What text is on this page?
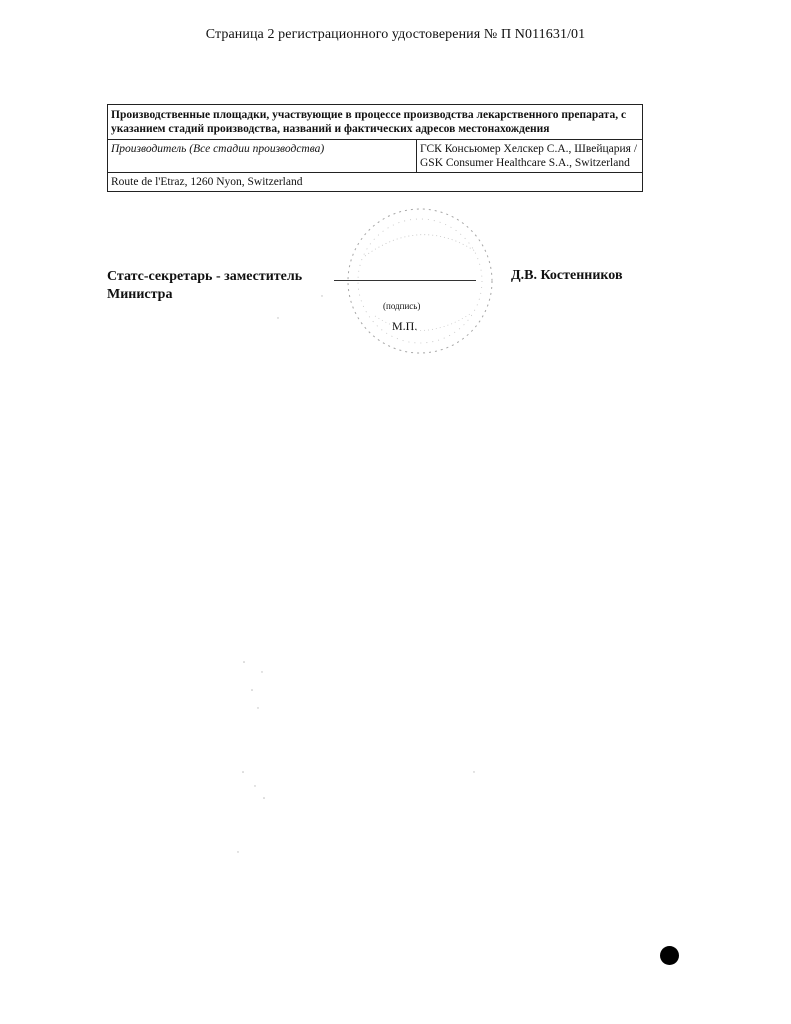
Страница 2 регистрационного удостоверения № П N011631/01
Производственные площадки, участвующие в процессе производства лекарственного препарата, с указанием стадий производства, названий и фактических адресов местонахождения
Производитель (Все стадии производства)	ГСК Консьюмер Хелскер С.А., Швейцария / GSK Consumer Healthcare S.A., Switzerland
Route de l'Etraz, 1260 Nyon, Switzerland
Статс-секретарь - заместитель Министра
(подпись)
М.П.
Д.В. Костенников
